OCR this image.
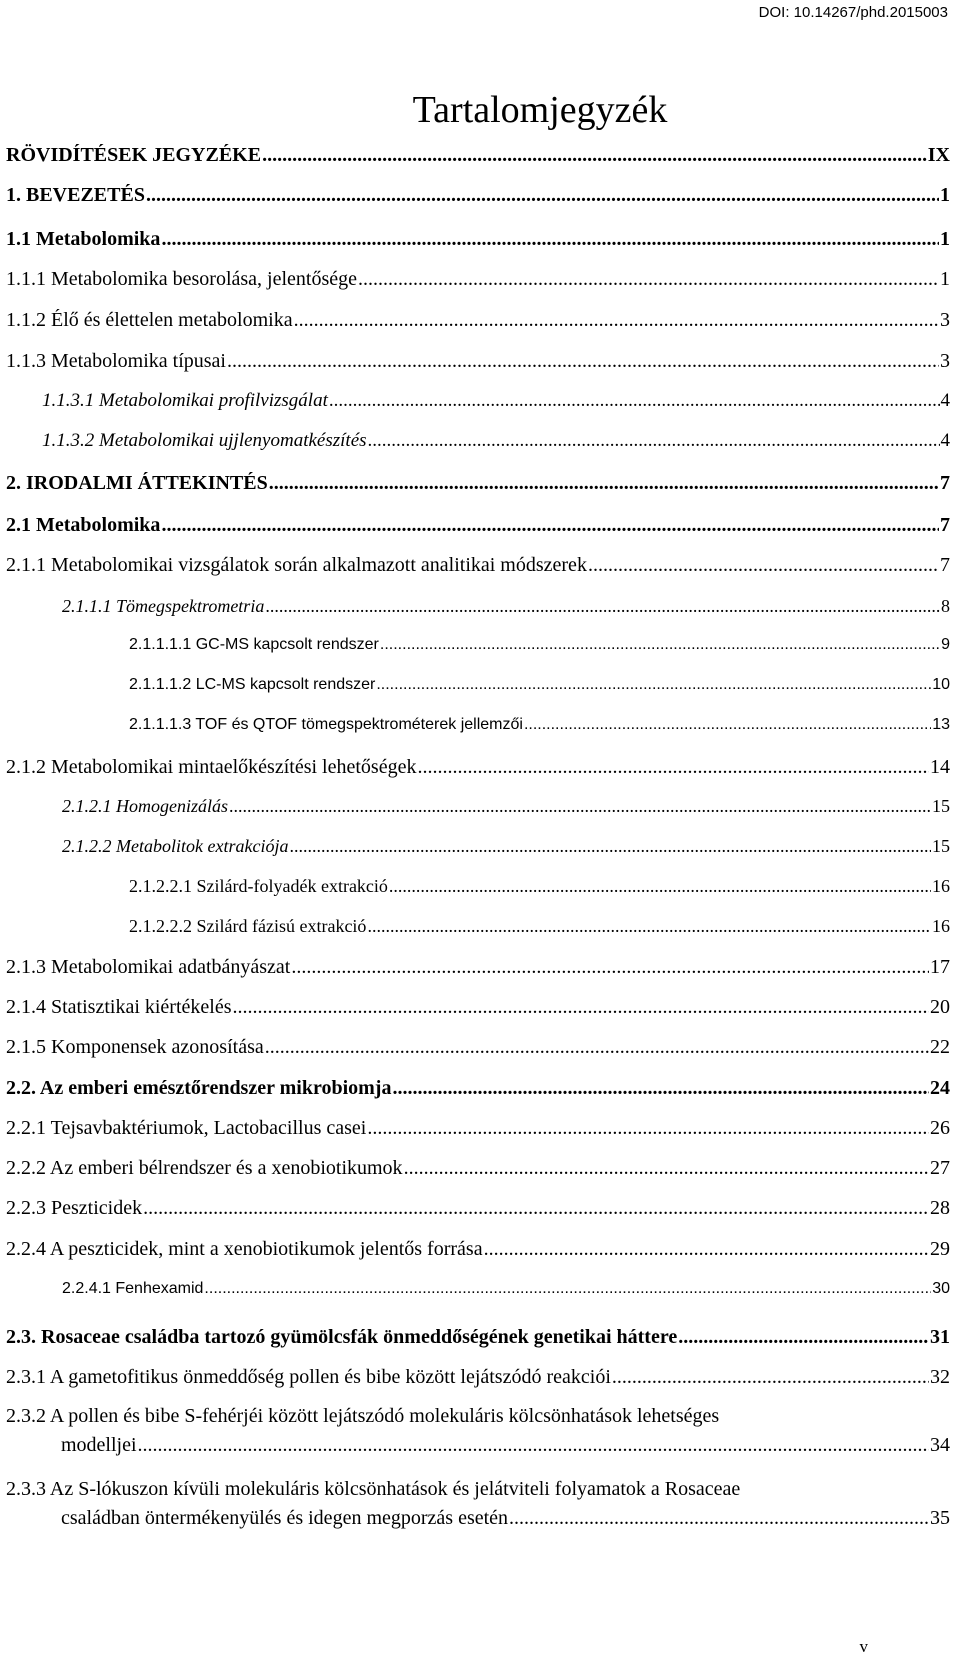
DOI: 10.14267/phd.2015003
Tartalomjegyzék
RÖVIDÍTÉSEK JEGYZÉKE .....	IX
1. BEVEZETÉS .....	1
1.1 Metabolomika .....	1
1.1.1 Metabolomika besorolása, jelentősége .....	1
1.1.2 Élő és élettelen metabolomika .....	3
1.1.3 Metabolomika típusai .....	3
1.1.3.1 Metabolomikai profilvizsgálat .....	4
1.1.3.2 Metabolomikai ujjlenyomatkészítés .....	4
2. IRODALMI ÁTTEKINTÉS .....	7
2.1 Metabolomika .....	7
2.1.1 Metabolomikai vizsgálatok során alkalmazott analitikai módszerek .....	7
2.1.1.1 Tömegspektrometria .....	8
2.1.1.1.1 GC-MS kapcsolt rendszer .....	9
2.1.1.1.2 LC-MS kapcsolt rendszer .....	10
2.1.1.1.3 TOF és QTOF tömegspektrométerek jellemzői .....	13
2.1.2 Metabolomikai mintaelőkészítési lehetőségek .....	14
2.1.2.1 Homogenizálás .....	15
2.1.2.2 Metabolitok extrakciója .....	15
2.1.2.2.1 Szilárd-folyadék extrakció .....	16
2.1.2.2.2 Szilárd fázisú extrakció .....	16
2.1.3 Metabolomikai adatbányászat .....	17
2.1.4 Statisztikai kiértékelés .....	20
2.1.5 Komponensek azonosítása .....	22
2.2. Az emberi emésztőrendszer mikrobiomja .....	24
2.2.1 Tejsavbaktériumok, Lactobacillus casei .....	26
2.2.2 Az emberi bélrendszer és a xenobiotikumok .....	27
2.2.3 Peszticidek .....	28
2.2.4 A peszticidek, mint a xenobiotikumok jelentős forrása .....	29
2.2.4.1 Fenhexamid .....	30
2.3. Rosaceae családba tartozó gyümölcsfák önmeddőségének genetikai háttere .....	31
2.3.1 A gametofitikus önmeddőség pollen és bibe között lejátszódó reakciói .....	32
2.3.2 A pollen és bibe S-fehérjéi között lejátszódó molekuláris kölcsönhatások lehetséges
modelljei .....	34
2.3.3 Az S-lókuszon kívüli molekuláris kölcsönhatások és jelátviteli folyamatok a Rosaceae
családban öntermékenyülés és idegen megporzás esetén .....	35
v
